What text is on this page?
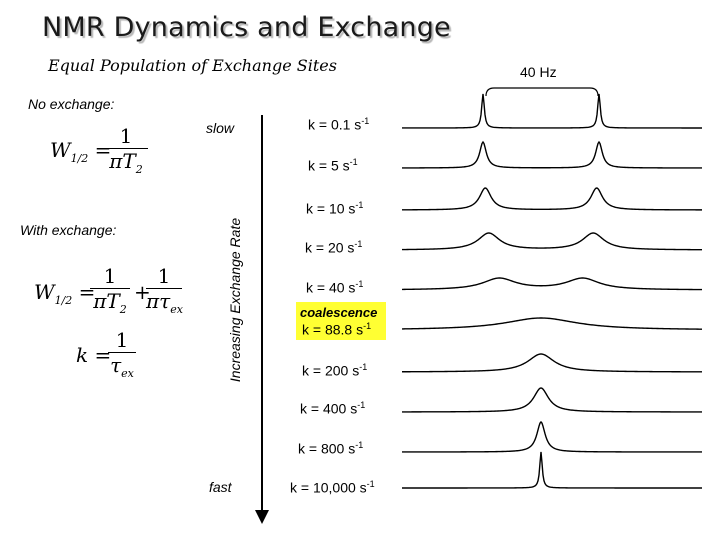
NMR Dynamics and Exchange
Equal Population of Exchange Sites	40 Hz
No exchange:
With exchange:
$W_{1/2}$ =
1
$\pi T_2$
$W_{1/2}$ =
1
$\pi T_2$
+
1
$\pi\tau_{ex}$
k =
1
$\tau_{ex}$
slow
fast
Increasing Exchange Rate	coalescence
k = 0.1 $s^{-1}$
k = 5 $s^{-1}$
k = 10 $s^{-1}$
k = 20 $s^{-1}$
k = 40 $s^{-1}$
k = 88.8 $s^{-1}$
k = 200 $s^{-1}$
k = 400 $s^{-1}$
k = 800 $s^{-1}$
k = 10,000 $s^{-1}$
